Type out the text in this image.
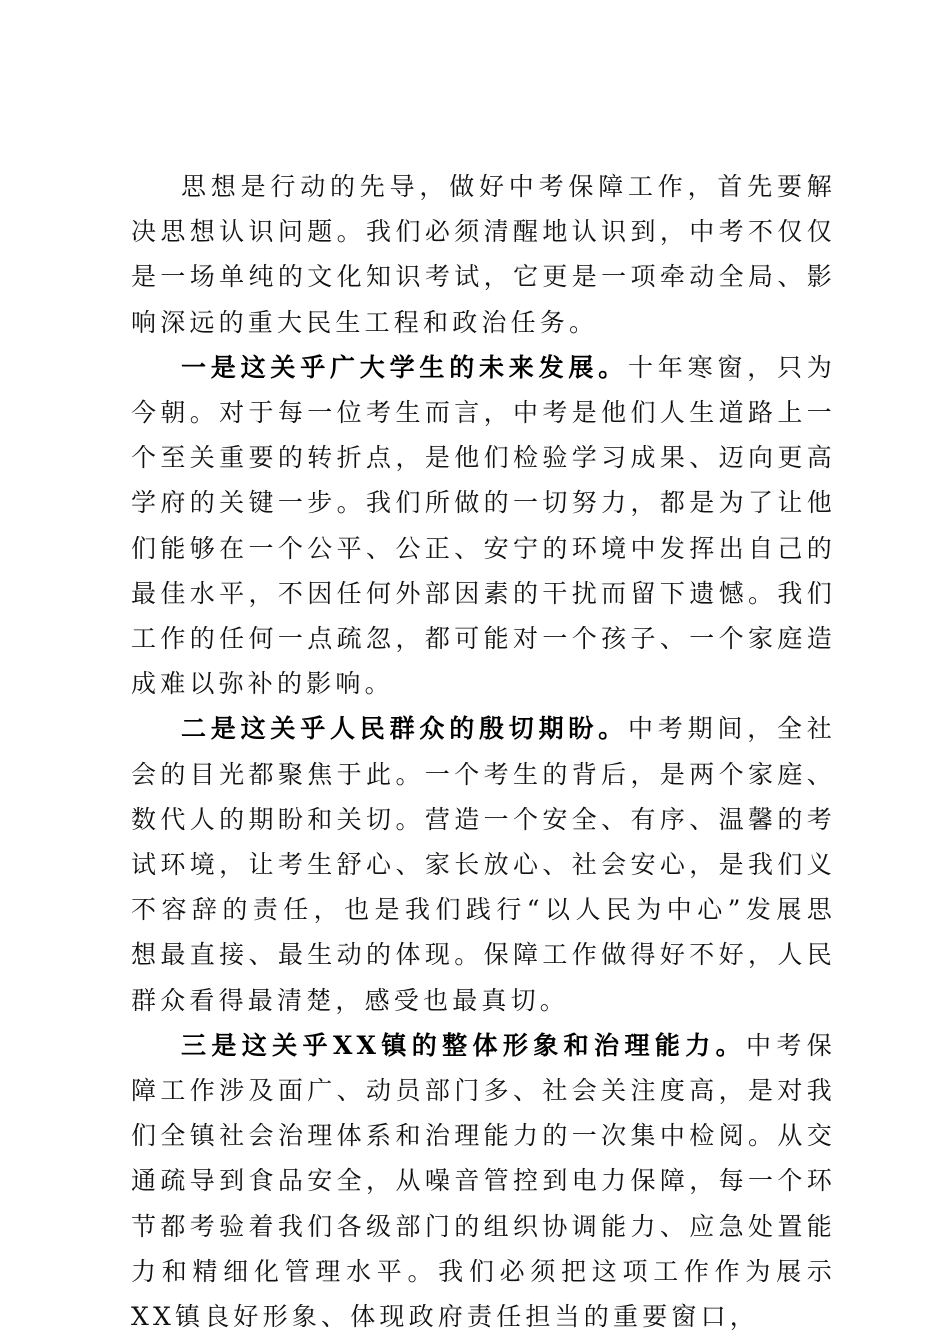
思想是行动的先导，做好中考保障工作，首先要解决思想认识问题。我们必须清醒地认识到，中考不仅仅是一场单纯的文化知识考试，它更是一项牵动全局、影响深远的重大民生工程和政治任务。

一是这关乎广大学生的未来发展。十年寒窗，只为今朝。对于每一位考生而言，中考是他们人生道路上一个至关重要的转折点，是他们检验学习成果、迈向更高学府的关键一步。我们所做的一切努力，都是为了让他们能够在一个公平、公正、安宁的环境中发挥出自己的最佳水平，不因任何外部因素的干扰而留下遗憾。我们工作的任何一点疏忽，都可能对一个孩子、一个家庭造成难以弥补的影响。

二是这关乎人民群众的殷切期盼。中考期间，全社会的目光都聚焦于此。一个考生的背后，是两个家庭、数代人的期盼和关切。营造一个安全、有序、温馨的考试环境，让考生舒心、家长放心、社会安心，是我们义不容辞的责任，也是我们践行“以人民为中心”发展思想最直接、最生动的体现。保障工作做得好不好，人民群众看得最清楚，感受也最真切。

三是这关乎XX镇的整体形象和治理能力。中考保障工作涉及面广、动员部门多、社会关注度高，是对我们全镇社会治理体系和治理能力的一次集中检阅。从交通疏导到食品安全，从噪音管控到电力保障，每一个环节都考验着我们各级部门的组织协调能力、应急处置能力和精细化管理水平。我们必须把这项工作作为展示XX镇良好形象、体现政府责任担当的重要窗口，
